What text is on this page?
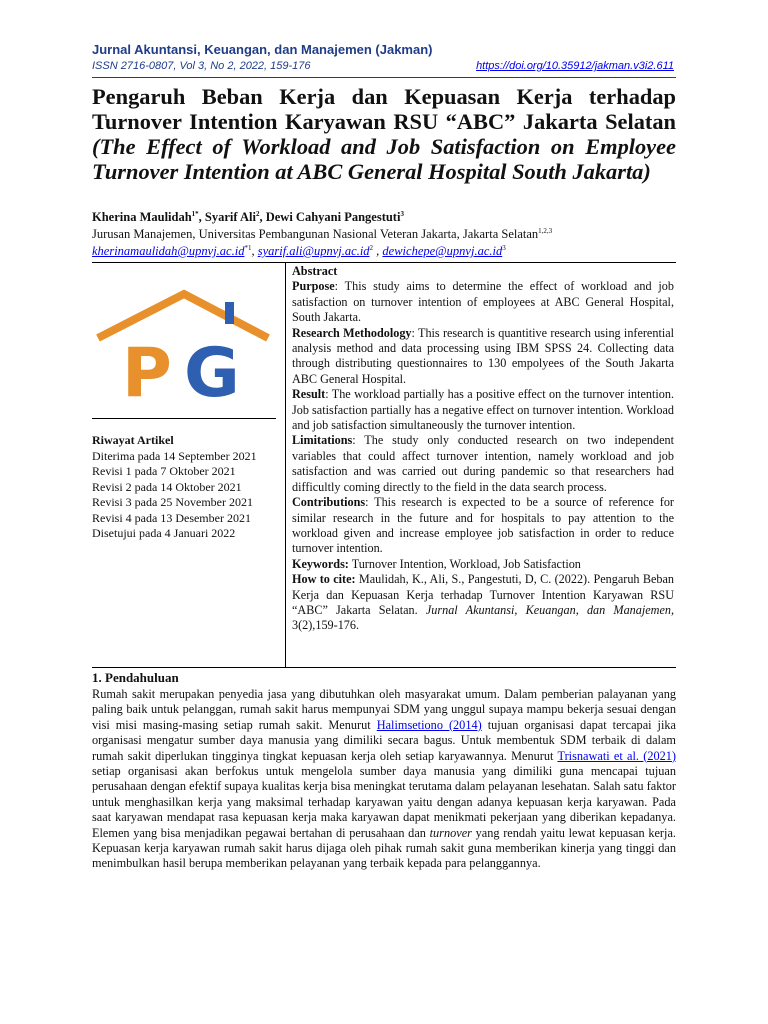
Jurnal Akuntansi, Keuangan, dan Manajemen (Jakman)
ISSN 2716-0807, Vol 3, No 2, 2022, 159-176	https://doi.org/10.35912/jakman.v3i2.611

Pengaruh Beban Kerja dan Kepuasan Kerja terhadap Turnover Intention Karyawan RSU “ABC” Jakarta Selatan (The Effect of Workload and Job Satisfaction on Employee Turnover Intention at ABC General Hospital South Jakarta)

Kherina Maulidah$^{1*}$, Syarif Ali$^2$, Dewi Cahyani Pangestuti$^3$
Jurusan Manajemen, Universitas Pembangunan Nasional Veteran Jakarta, Jakarta Selatan$^{1,2,3}$
$kherinamaulidah@upnvj.ac.id^{*1}$, $syarif.ali@upnvj.ac.id^2$ , $dewichepe@upnvj.ac.id^3$
P G
Riwayat Artikel
Diterima pada 14 September 2021
Revisi 1 pada 7 Oktober 2021
Revisi 2 pada 14 Oktober 2021
Revisi 3 pada 25 November 2021
Revisi 4 pada 13 Desember 2021
Disetujui pada 4 Januari 2022

Abstract

Purpose: This study aims to determine the effect of workload and job satisfaction on turnover intention of employees at ABC General Hospital, South Jakarta.

Research Methodology: This research is quantitive research using inferential analysis method and data processing using IBM SPSS 24. Collecting data through distributing questionnaires to 130 empolyees of the South Jakarta ABC General Hospital.

Result: The workload partially has a positive effect on the turnover intention. Job satisfaction partially has a negative effect on turnover intention. Workload and job satisfaction simultaneously the turnover intention.

Limitations: The study only conducted research on two independent variables that could affect turnover intention, namely workload and job satisfaction and was carried out during pandemic so that researchers had difficultly coming directly to the field in the data search process.

Contributions: This research is expected to be a source of reference for similar research in the future and for hospitals to pay attention to the workload given and increase employee job satisfaction in order to reduce turnover intention.

Keywords: Turnover Intention, Workload, Job Satisfaction

How to cite: Maulidah, K., Ali, S., Pangestuti, D, C. (2022). Pengaruh Beban Kerja dan Kepuasan Kerja terhadap Turnover Intention Karyawan RSU “ABC” Jakarta Selatan. Jurnal Akuntansi, Keuangan, dan Manajemen, 3(2),159-176.

1. Pendahuluan

Rumah sakit merupakan penyedia jasa yang dibutuhkan oleh masyarakat umum. Dalam pemberian palayanan yang paling baik untuk pelanggan, rumah sakit harus mempunyai SDM yang unggul supaya mampu bekerja sesuai dengan visi misi masing-masing setiap rumah sakit. Menurut Halimsetiono (2014) tujuan organisasi dapat tercapai jika organisasi mengatur sumber daya manusia yang dimiliki secara bagus. Untuk membentuk SDM terbaik di dalam rumah sakit diperlukan tingginya tingkat kepuasan kerja oleh setiap karyawannya. Menurut Trisnawati et al. (2021) setiap organisasi akan berfokus untuk mengelola sumber daya manusia yang dimiliki guna mencapai tujuan perusahaan dengan efektif supaya kualitas kerja bisa meningkat terutama dalam pelayanan lesehatan. Salah satu faktor untuk menghasilkan kerja yang maksimal terhadap karyawan yaitu dengan adanya kepuasan kerja karyawan. Pada saat karyawan mendapat rasa kepuasan kerja maka karyawan dapat menikmati pekerjaan yang diberikan kepadanya. Elemen yang bisa menjadikan pegawai bertahan di perusahaan dan turnover yang rendah yaitu lewat kepuasan kerja. Kepuasan kerja karyawan rumah sakit harus dijaga oleh pihak rumah sakit guna memberikan kinerja yang tinggi dan menimbulkan hasil berupa memberikan pelayanan yang terbaik kepada para pelanggannya.
